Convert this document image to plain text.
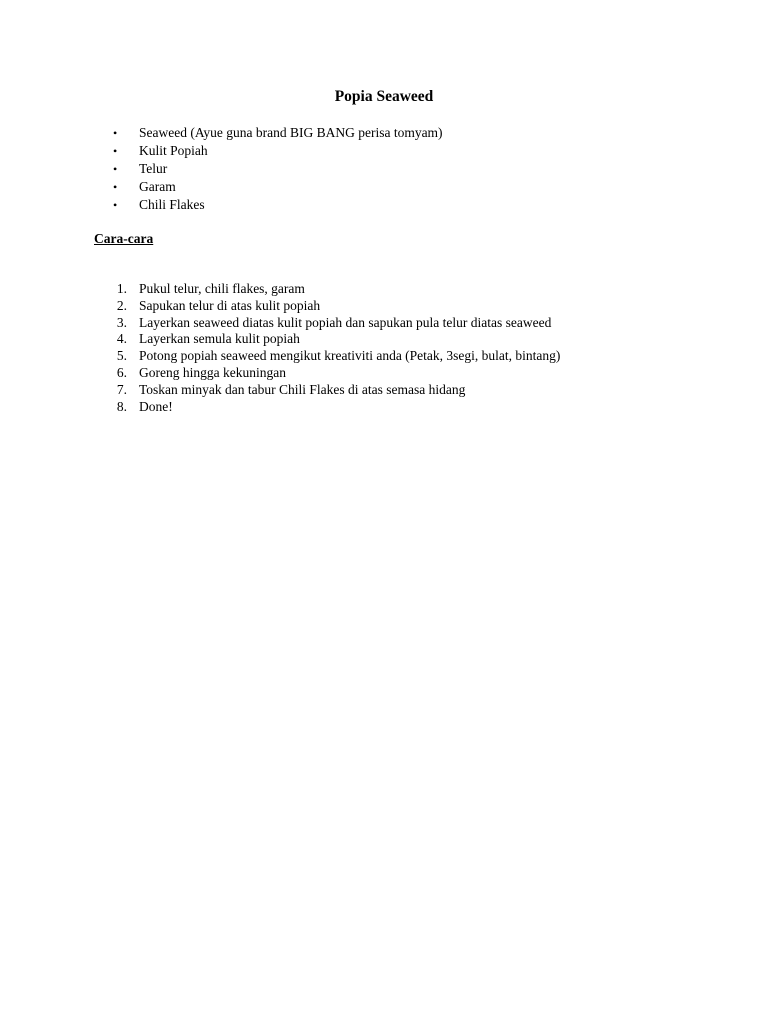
Popia Seaweed
• Seaweed (Ayue guna brand BIG BANG perisa tomyam)
• Kulit Popiah
• Telur
• Garam
• Chili Flakes
Cara-cara
1. Pukul telur, chili flakes, garam
2. Sapukan telur di atas kulit popiah
3. Layerkan seaweed diatas kulit popiah dan sapukan pula telur diatas seaweed
4. Layerkan semula kulit popiah
5. Potong popiah seaweed mengikut kreativiti anda (Petak, 3segi, bulat, bintang)
6. Goreng hingga kekuningan
7. Toskan minyak dan tabur Chili Flakes di atas semasa hidang
8. Done!
